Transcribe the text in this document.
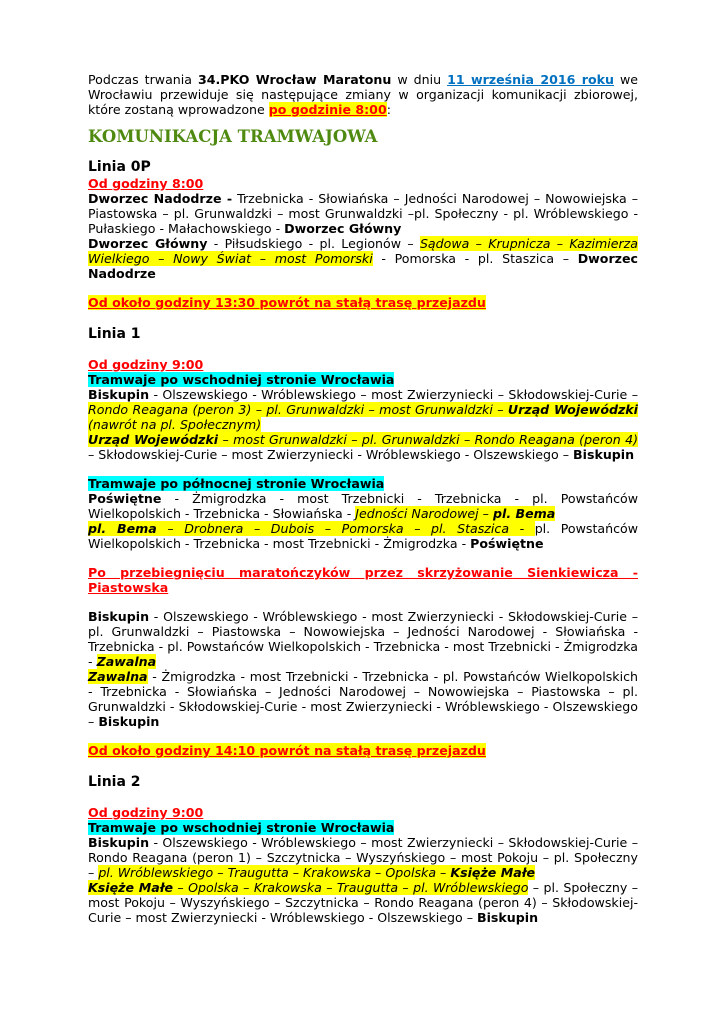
Podczas trwania 34.PKO Wrocław Maratonu w dniu 11 września 2016 roku we Wrocławiu przewiduje się następujące zmiany w organizacji komunikacji zbiorowej, które zostaną wprowadzone po godzinie 8:00:

KOMUNIKACJA TRAMWAJOWA

Linia 0P

Od godziny 8:00

Dworzec Nadodrze - Trzebnicka - Słowiańska – Jedności Narodowej – Nowowiejska – Piastowska – pl. Grunwaldzki – most Grunwaldzki –pl. Społeczny - pl. Wróblewskiego - Pułaskiego - Małachowskiego - Dworzec Główny

Dworzec Główny - Piłsudskiego - pl. Legionów – Sądowa – Krupnicza – Kazimierza Wielkiego – Nowy Świat – most Pomorski - Pomorska - pl. Staszica – Dworzec Nadodrze

Od około godziny 13:30 powrót na stałą trasę przejazdu

Linia 1

Od godziny 9:00

Tramwaje po wschodniej stronie Wrocławia

Biskupin - Olszewskiego - Wróblewskiego – most Zwierzyniecki – Skłodowskiej-Curie – Rondo Reagana (peron 3) – pl. Grunwaldzki – most Grunwaldzki – Urząd Wojewódzki (nawrót na pl. Społecznym)

Urząd Wojewódzki – most Grunwaldzki – pl. Grunwaldzki – Rondo Reagana (peron 4) – Skłodowskiej-Curie – most Zwierzyniecki - Wróblewskiego - Olszewskiego – Biskupin

Tramwaje po północnej stronie Wrocławia

Poświętne - Żmigrodzka - most Trzebnicki - Trzebnicka - pl. Powstańców Wielkopolskich - Trzebnicka - Słowiańska - Jedności Narodowej – pl. Bema

pl. Bema – Drobnera – Dubois – Pomorska – pl. Staszica - pl. Powstańców Wielkopolskich - Trzebnicka - most Trzebnicki - Żmigrodzka - Poświętne

Po przebiegnięciu maratończyków przez skrzyżowanie Sienkiewicza - Piastowska

Biskupin - Olszewskiego - Wróblewskiego - most Zwierzyniecki - Skłodowskiej-Curie – pl. Grunwaldzki – Piastowska – Nowowiejska – Jedności Narodowej - Słowiańska - Trzebnicka - pl. Powstańców Wielkopolskich - Trzebnicka - most Trzebnicki - Żmigrodzka - Zawalna

Zawalna - Żmigrodzka - most Trzebnicki - Trzebnicka - pl. Powstańców Wielkopolskich - Trzebnicka - Słowiańska – Jedności Narodowej – Nowowiejska – Piastowska – pl. Grunwaldzki - Skłodowskiej-Curie - most Zwierzyniecki - Wróblewskiego - Olszewskiego – Biskupin

Od około godziny 14:10 powrót na stałą trasę przejazdu

Linia 2

Od godziny 9:00

Tramwaje po wschodniej stronie Wrocławia

Biskupin - Olszewskiego - Wróblewskiego – most Zwierzyniecki – Skłodowskiej-Curie – Rondo Reagana (peron 1) – Szczytnicka – Wyszyńskiego – most Pokoju – pl. Społeczny – pl. Wróblewskiego – Traugutta – Krakowska – Opolska – Księże Małe

Księże Małe – Opolska – Krakowska – Traugutta – pl. Wróblewskiego – pl. Społeczny – most Pokoju – Wyszyńskiego – Szczytnicka – Rondo Reagana (peron 4) – Skłodowskiej-Curie – most Zwierzyniecki - Wróblewskiego - Olszewskiego – Biskupin
